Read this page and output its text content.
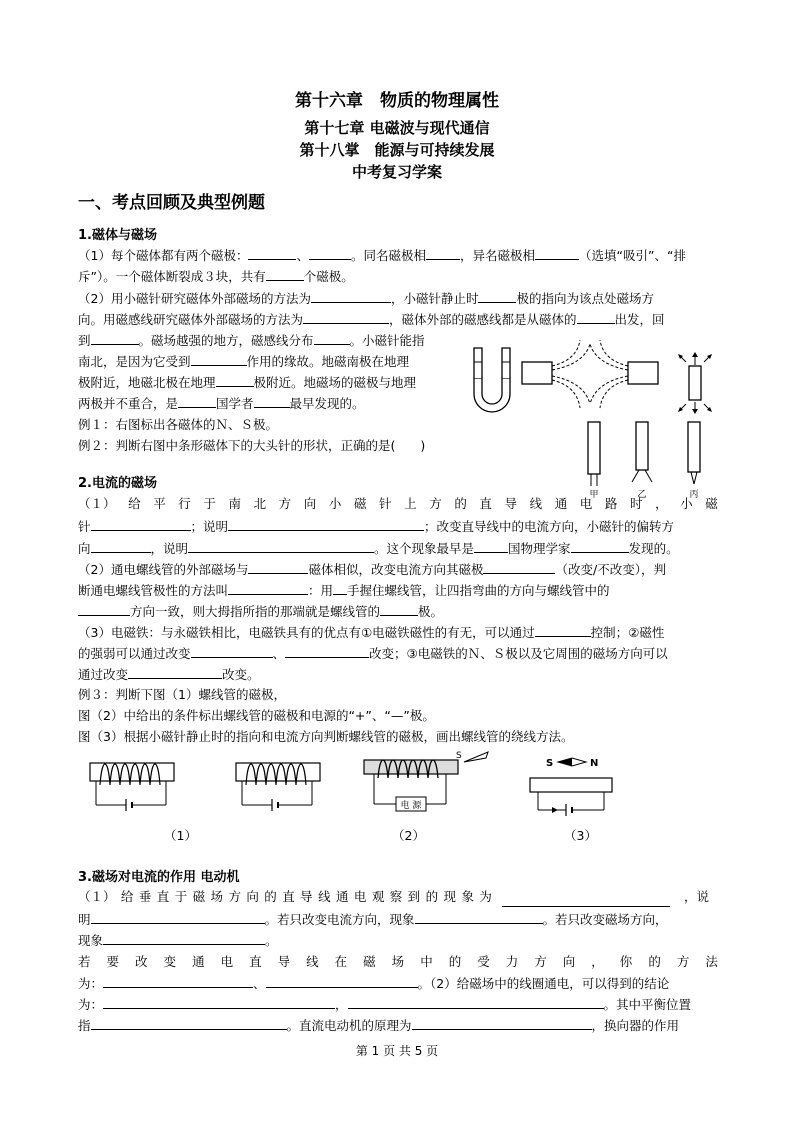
第十六章　物质的物理属性
第十七章 电磁波与现代通信
第十八掌　能源与可持续发展
中考复习学案
一、考点回顾及典型例题
1.磁体与磁场
（1）每个磁体都有两个磁极：	、	。同名磁极相	，异名磁极相	（选填“吸引”、“排
斥”）。一个磁体断裂成３块，共有	个磁极。
（2）用小磁针研究磁体外部磁场的方法为	，小磁针静止时	极的指向为该点处磁场方
向。用磁感线研究磁体外部磁场的方法为	，磁体外部的磁感线都是从磁体的	出发，回
到	。磁场越强的地方，磁感线分布	。小磁针能指
南北，是因为它受到	作用的缘故。地磁南极在地理
极附近，地磁北极在地理	极附近。地磁场的磁极与地理
两极并不重合，是	国学者	最早发现的。
例１：右图标出各磁体的Ｎ、Ｓ极。
例２：判断右图中条形磁体下的大头针的形状，正确的是(　　)
甲	乙	丙
2.电流的磁场
（１） 给 平 行 于 南 北 方 向 小 磁 针 上 方 的 直 导 线 通 电 路 时 ， 小 磁
针	；说明	；改变直导线中的电流方向，小磁针的偏转方
向	，说明	。这个现象最早是	国物理学家	发现的。
（2）通电螺线管的外部磁场与	磁体相似，改变电流方向其磁极	（改变/不改变），判
断通电螺线管极性的方法叫	：用 手握住螺线管，让四指弯曲的方向与螺线管中的
方向一致，则大拇指所指的那端就是螺线管的	极。
（3）电磁铁：与永磁铁相比，电磁铁具有的优点有①电磁铁磁性的有无，可以通过	控制；②磁性
的强弱可以通过改变	、	改变；③电磁铁的Ｎ、Ｓ极以及它周围的磁场方向可以
通过改变	改变。
例３：判断下图（1）螺线管的磁极，
图（2）中给出的条件标出螺线管的磁极和电源的“+”、“—”极。
图（3）根据小磁针静止时的指向和电流方向判断螺线管的磁极，画出螺线管的绕线方法。
电 源
S
S	N
（1）	（2）	（3）
3.磁场对电流的作用 电动机
（１） 给 垂 直 于 磁 场 方 向 的 直 导 线 通 电 观 察 到 的 现 象 为	，说
明	。若只改变电流方向，现象	。若只改变磁场方向，
现象	。
若 要 改 变 通 电 直 导 线 在 磁 场 中 的 受 力 方 向 ， 你 的 方 法
为：	、	。（2）给磁场中的线圈通电，可以得到的结论
为：	，	。其中平衡位置
指	。直流电动机的原理为	，换向器的作用
第 1 页 共 5 页
